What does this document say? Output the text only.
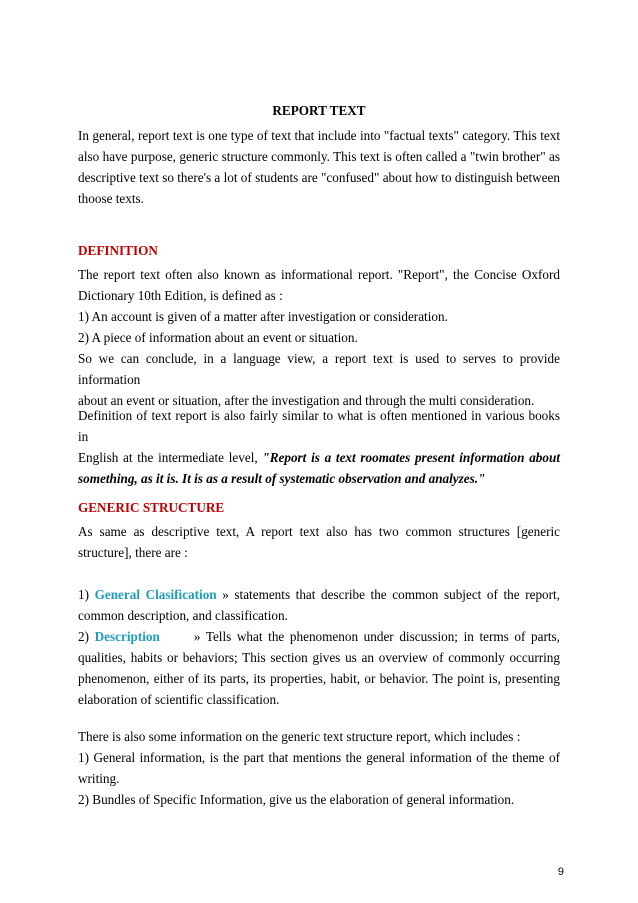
REPORT TEXT
In general, report text is one type of text that include into "factual texts" category. This text
also have purpose, generic structure commonly. This text is often called a "twin brother" as
descriptive text so there's a lot of students are "confused" about how to distinguish between
thoose texts.
DEFINITION
The report text often also known as informational report. "Report", the Concise Oxford
Dictionary 10th Edition, is defined as :
1) An account is given of a matter after investigation or consideration.
2) A piece of information about an event or situation.
So we can conclude, in a language view, a report text is used to serves to provide information
about an event or situation, after the investigation and through the multi consideration.
Definition of text report is also fairly similar to what is often mentioned in various books in
English at the intermediate level, "Report is a text roomates present information about
something, as it is. It is as a result of systematic observation and analyzes."
GENERIC STRUCTURE
As same as descriptive text, A report text also has two common structures [generic
structure], there are :
1) General Clasification » statements that describe the common subject of the report,
common description, and classification.
2) Description	» Tells what the phenomenon under discussion; in terms of parts,
qualities, habits or behaviors; This section gives us an overview of commonly occurring
phenomenon, either of its parts, its properties, habit, or behavior. The point is, presenting
elaboration of scientific classification.
There is also some information on the generic text structure report, which includes :
1) General information, is the part that mentions the general information of the theme of
writing.
2) Bundles of Specific Information, give us the elaboration of general information.
9
